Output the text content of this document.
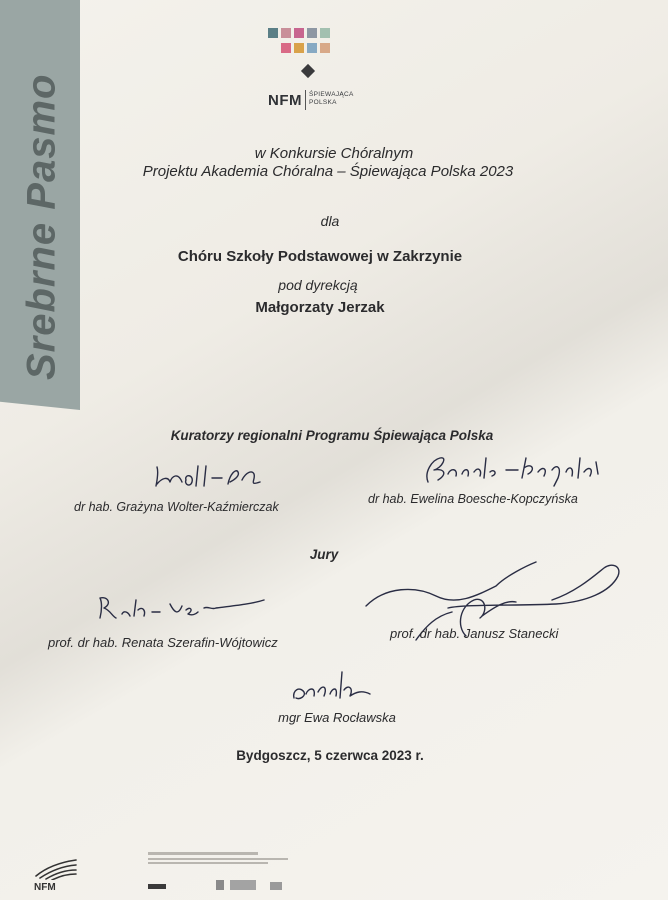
Srebrne Pasmo	NFM ŚPIEWAJĄCA
POLSKA
w Konkursie Chóralnym
Projektu Akademia Chóralna – Śpiewająca Polska 2023
dla
Chóru Szkoły Podstawowej w Zakrzynie
pod dyrekcją
Małgorzaty Jerzak
Kuratorzy regionalni Programu Śpiewająca Polska
dr hab. Grażyna Wolter-Kaźmierczak
dr hab. Ewelina Boesche-Kopczyńska
Jury
prof. dr hab. Renata Szerafin-Wójtowicz
prof. dr hab. Janusz Stanecki
mgr Ewa Rocławska
Bydgoszcz, 5 czerwca 2023 r.
NFM
